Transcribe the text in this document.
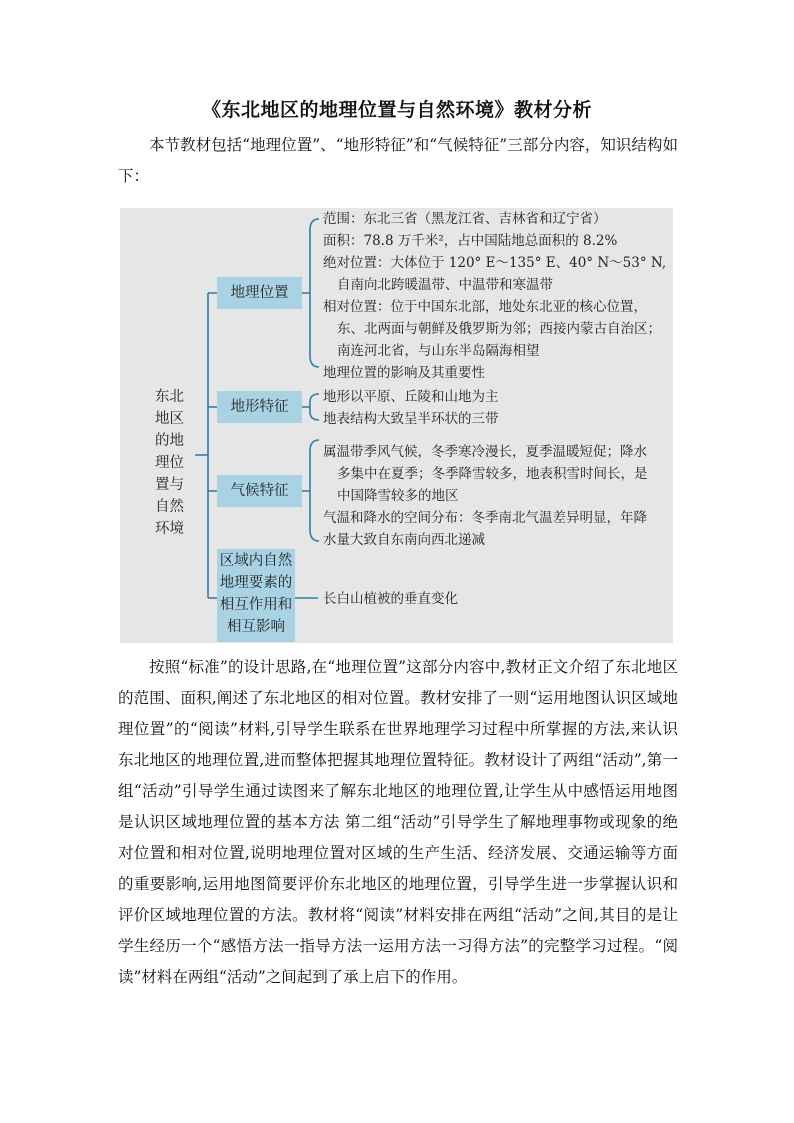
《东北地区的地理位置与自然环境》教材分析
本节教材包括“地理位置”、“地形特征”和“气候特征”三部分内容，知识结构如下：
东北
地区
的地
理位
置与
自然
环境
地理位置
地形特征
气候特征
区域内自然
地理要素的
相互作用和
相互影响
范围：东北三省（黑龙江省、吉林省和辽宁省）
面积：78.8 万千米²，占中国陆地总面积的 8.2%
绝对位置：大体位于 120° E～135° E、40° N～53° N,
自南向北跨暖温带、中温带和寒温带
相对位置：位于中国东北部，地处东北亚的核心位置，
东、北两面与朝鲜及俄罗斯为邻；西接内蒙古自治区；
南连河北省，与山东半岛隔海相望
地理位置的影响及其重要性
地形以平原、丘陵和山地为主
地表结构大致呈半环状的三带
属温带季风气候，冬季寒冷漫长，夏季温暖短促；降水
多集中在夏季；冬季降雪较多，地表积雪时间长，是
中国降雪较多的地区
气温和降水的空间分布：冬季南北气温差异明显，年降
水量大致自东南向西北递减
长白山植被的垂直变化
按照“标准”的设计思路,在“地理位置”这部分内容中,教材正文介绍了东北地区的范围、面积,阐述了东北地区的相对位置。教材安排了一则“运用地图认识区域地理位置”的“阅读”材料,引导学生联系在世界地理学习过程中所掌握的方法,来认识东北地区的地理位置,进而整体把握其地理位置特征。教材设计了两组“活动”,第一组“活动”引导学生通过读图来了解东北地区的地理位置,让学生从中感悟运用地图是认识区域地理位置的基本方法 第二组“活动”引导学生了解地理事物或现象的绝对位置和相对位置,说明地理位置对区域的生产生活、经济发展、交通运输等方面的重要影响,运用地图简要评价东北地区的地理位置，引导学生进一步掌握认识和评价区域地理位置的方法。教材将“阅读”材料安排在两组“活动”之间,其目的是让学生经历一个“感悟方法一指导方法一运用方法一习得方法”的完整学习过程。“阅读”材料在两组“活动”之间起到了承上启下的作用。
